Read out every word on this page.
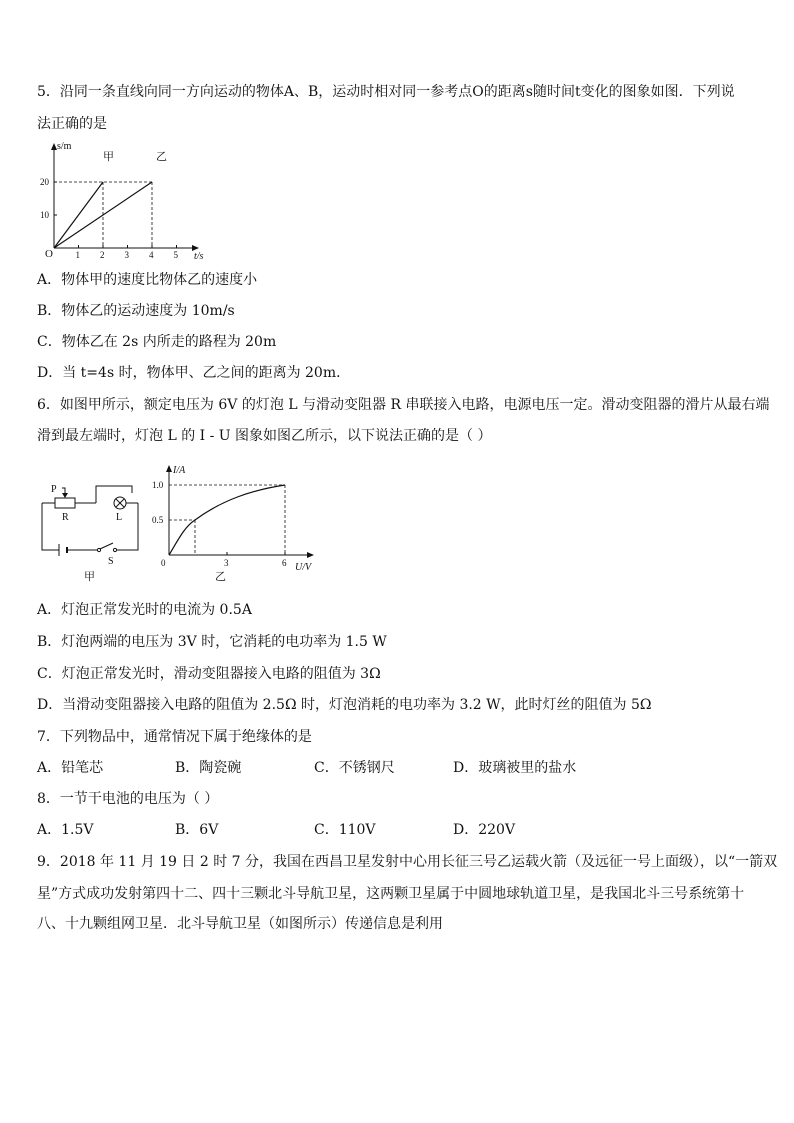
5．沿同一条直线向同一方向运动的物体A、B，运动时相对同一参考点O的距离s随时间t变化的图象如图．下列说
法正确的是
1 2 3 4 5
10
20
s/m
t/s
O
甲	乙
A．物体甲的速度比物体乙的速度小
B．物体乙的运动速度为 10m/s
C．物体乙在 2s 内所走的路程为 20m
D．当 t=4s 时，物体甲、乙之间的距离为 20m．
6．如图甲所示，额定电压为 6V 的灯泡 L 与滑动变阻器 R 串联接入电路，电源电压一定。滑动变阻器的滑片从最右端
滑到最左端时，灯泡 L 的 I - U 图象如图乙所示，以下说法正确的是（ ）
P
R	L
S
甲
I/A
1.0
0.5
0	3	6 U/V
乙
A．灯泡正常发光时的电流为 0.5A
B．灯泡两端的电压为 3V 时，它消耗的电功率为 1.5 W
C．灯泡正常发光时，滑动变阻器接入电路的阻值为 3Ω
D．当滑动变阻器接入电路的阻值为 2.5Ω 时，灯泡消耗的电功率为 3.2 W，此时灯丝的阻值为 5Ω
7．下列物品中，通常情况下属于绝缘体的是
A．铅笔芯	B．陶瓷碗	C．不锈钢尺	D．玻璃被里的盐水
8．一节干电池的电压为（ ）
A．1.5V	B．6V	C．110V	D．220V
9．2018 年 11 月 19 日 2 时 7 分，我国在西昌卫星发射中心用长征三号乙运载火箭（及远征一号上面级），以“一箭双
星”方式成功发射第四十二、四十三颗北斗导航卫星，这两颗卫星属于中圆地球轨道卫星，是我国北斗三号系统第十
八、十九颗组网卫星．北斗导航卫星（如图所示）传递信息是利用
